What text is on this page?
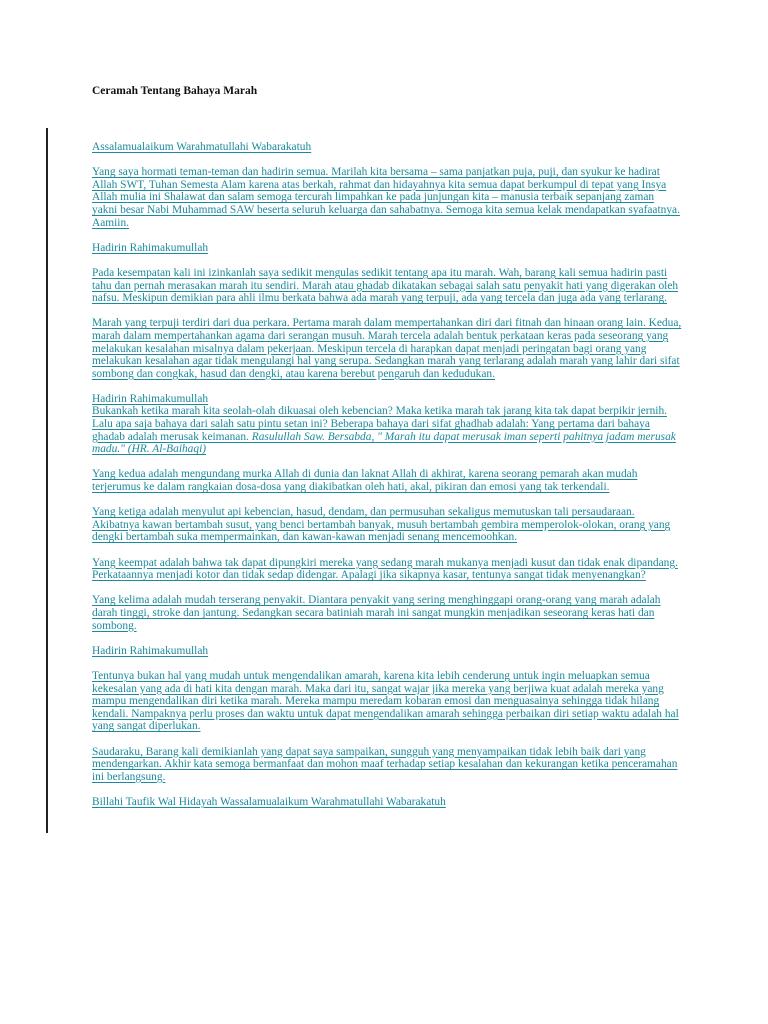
Ceramah Tentang Bahaya Marah

Assalamualaikum Warahmatullahi Wabarakatuh

Yang saya hormati teman-teman dan hadirin semua. Marilah kita bersama – sama panjatkan puja, puji, dan syukur ke hadirat Allah SWT, Tuhan Semesta Alam karena atas berkah, rahmat dan hidayahnya kita semua dapat berkumpul di tepat yang Insya Allah mulia ini Shalawat dan salam semoga tercurah limpahkan ke pada junjungan kita – manusia terbaik sepanjang zaman yakni besar Nabi Muhammad SAW beserta seluruh keluarga dan sahabatnya. Semoga kita semua kelak mendapatkan syafaatnya. Aamiin.

Hadirin Rahimakumullah

Pada kesempatan kali ini izinkanlah saya sedikit mengulas sedikit tentang apa itu marah. Wah, barang kali semua hadirin pasti tahu dan pernah merasakan marah itu sendiri. Marah atau ghadab dikatakan sebagai salah satu penyakit hati yang digerakan oleh nafsu. Meskipun demikian para ahli ilmu berkata bahwa ada marah yang terpuji, ada yang tercela dan juga ada yang terlarang.

Marah yang terpuji terdiri dari dua perkara. Pertama marah dalam mempertahankan diri dari fitnah dan hinaan orang lain. Kedua, marah dalam mempertahankan agama dari serangan musuh. Marah tercela adalah bentuk perkataan keras pada seseorang yang melakukan kesalahan misalnya dalam pekerjaan. Meskipun tercela di harapkan dapat menjadi peringatan bagi orang yang melakukan kesalahan agar tidak mengulangi hal yang serupa. Sedangkan marah yang terlarang adalah marah yang lahir dari sifat sombong dan congkak, hasud dan dengki, atau karena berebut pengaruh dan kedudukan.

Hadirin Rahimakumullah

Bukankah ketika marah kita seolah-olah dikuasai oleh kebencian? Maka ketika marah tak jarang kita tak dapat berpikir jernih. Lalu apa saja bahaya dari salah satu pintu setan ini? Beberapa bahaya dari sifat ghadhab adalah: Yang pertama dari bahaya ghadab adalah merusak keimanan. Rasulullah Saw. Bersabda, " Marah itu dapat merusak iman seperti pahitnya jadam merusak madu." (HR. Al-Baihaqi)

Yang kedua adalah mengundang murka Allah di dunia dan laknat Allah di akhirat, karena seorang pemarah akan mudah terjerumus ke dalam rangkaian dosa-dosa yang diakibatkan oleh hati, akal, pikiran dan emosi yang tak terkendali.

Yang ketiga adalah menyulut api kebencian, hasud, dendam, dan permusuhan sekaligus memutuskan tali persaudaraan. Akibatnya kawan bertambah susut, yang benci bertambah banyak, musuh bertambah gembira memperolok-olokan, orang yang dengki bertambah suka mempermainkan, dan kawan-kawan menjadi senang mencemoohkan.

Yang keempat adalah bahwa tak dapat dipungkiri mereka yang sedang marah mukanya menjadi kusut dan tidak enak dipandang. Perkataannya menjadi kotor dan tidak sedap didengar. Apalagi jika sikapnya kasar, tentunya sangat tidak menyenangkan?

Yang kelima adalah mudah terserang penyakit. Diantara penyakit yang sering menghinggapi orang-orang yang marah adalah darah tinggi, stroke dan jantung. Sedangkan secara batiniah marah ini sangat mungkin menjadikan seseorang keras hati dan sombong.

Hadirin Rahimakumullah

Tentunya bukan hal yang mudah untuk mengendalikan amarah, karena kita lebih cenderung untuk ingin meluapkan semua kekesalan yang ada di hati kita dengan marah. Maka dari itu, sangat wajar jika mereka yang berjiwa kuat adalah mereka yang mampu mengendalikan diri ketika marah. Mereka mampu meredam kobaran emosi dan menguasainya sehingga tidak hilang kendali. Nampaknya perlu proses dan waktu untuk dapat mengendalikan amarah sehingga perbaikan diri setiap waktu adalah hal yang sangat diperlukan.

Saudaraku, Barang kali demikianlah yang dapat saya sampaikan, sungguh yang menyampaikan tidak lebih baik dari yang mendengarkan. Akhir kata semoga bermanfaat dan mohon maaf terhadap setiap kesalahan dan kekurangan ketika penceramahan ini berlangsung.

Billahi Taufik Wal Hidayah Wassalamualaikum Warahmatullahi Wabarakatuh
